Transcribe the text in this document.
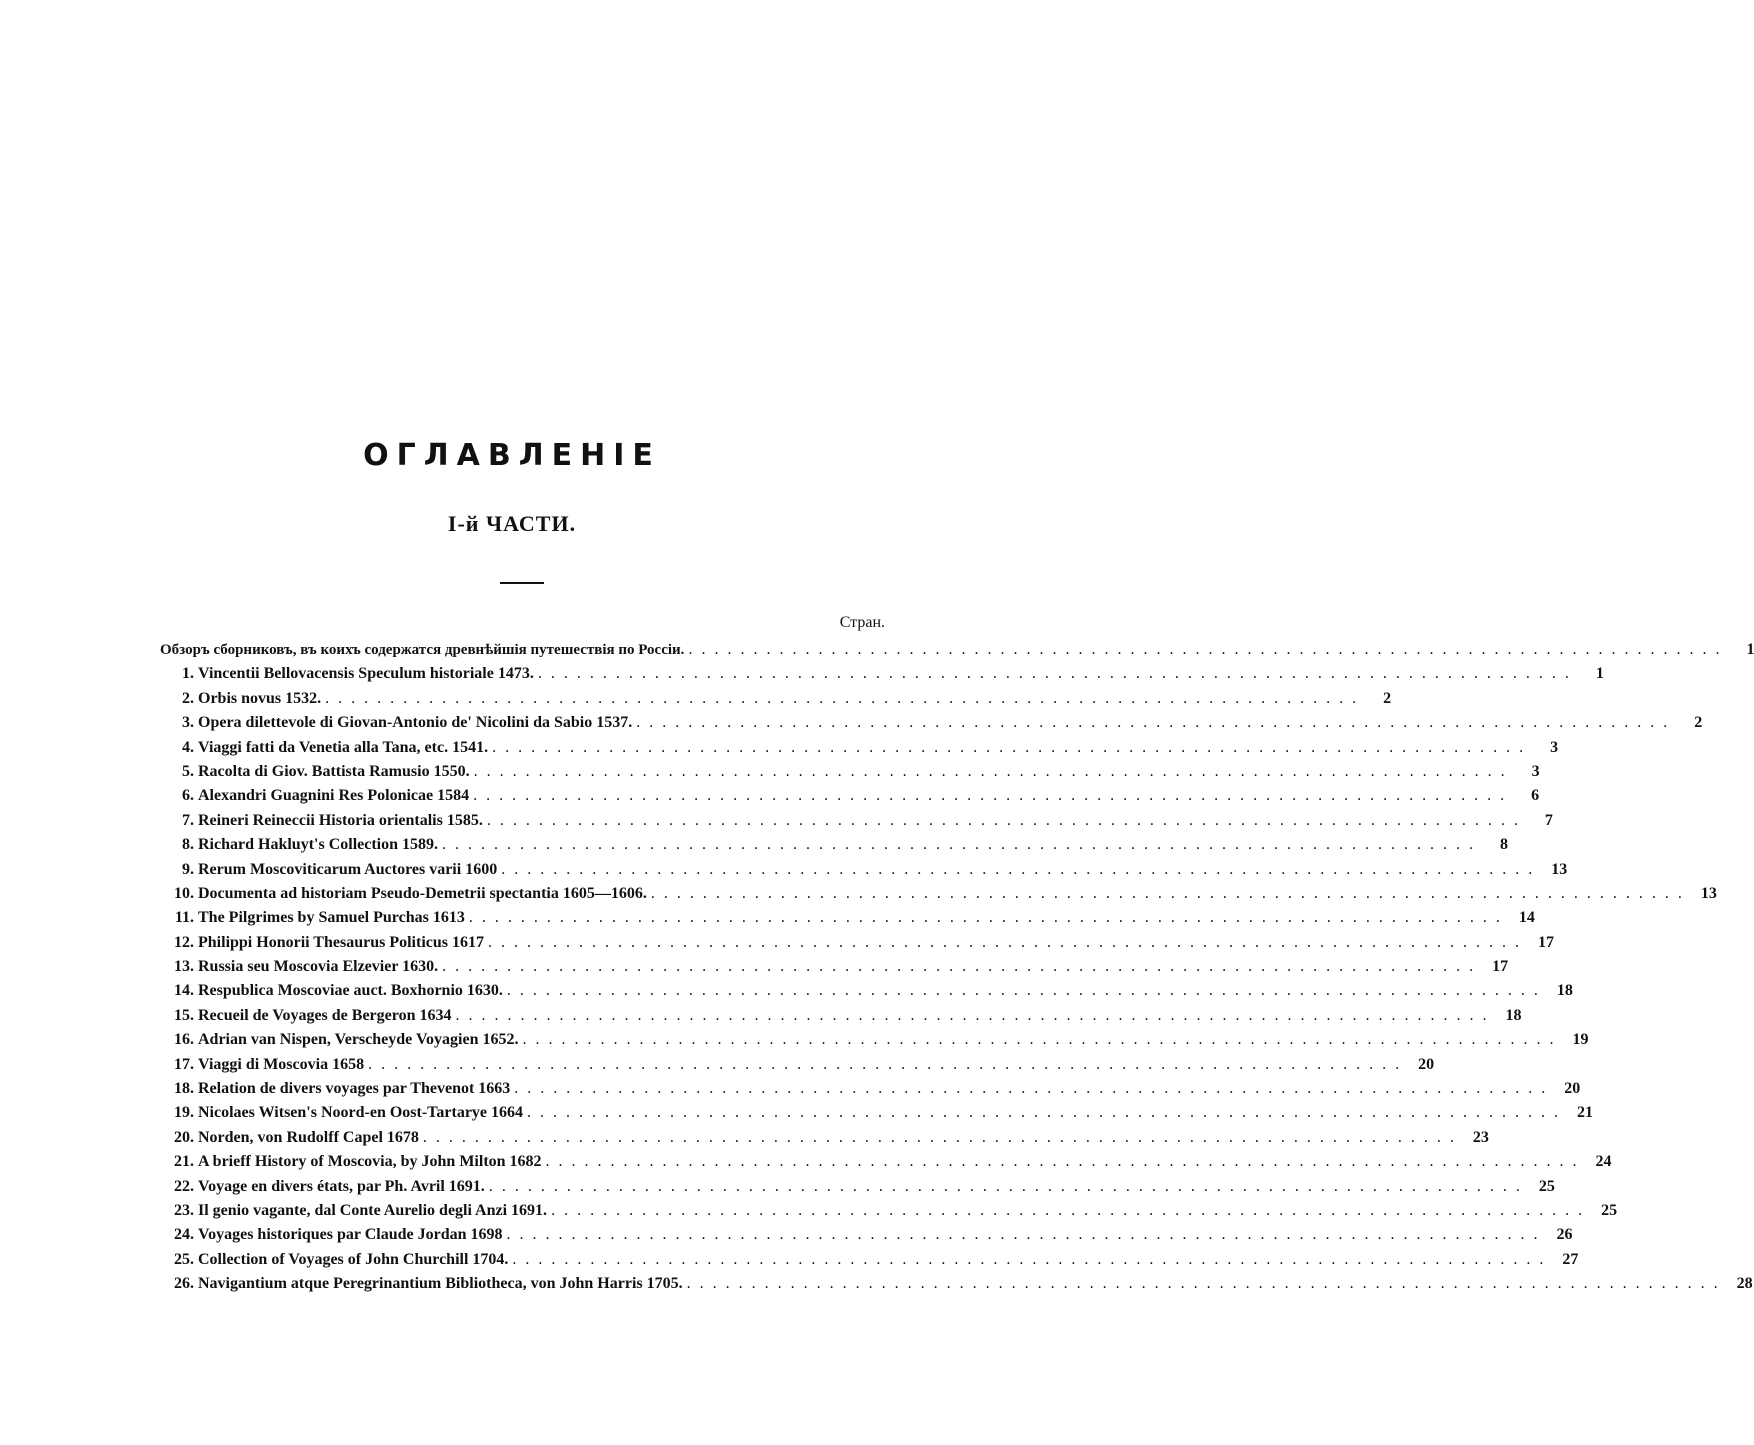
ОГЛАВЛЕНІЕ
І-й ЧАСТИ.
Стран.
Обзоръ сборниковъ, въ коихъ содержатся древнѣйшія путешествія по Россіи. ................................................................................	1
1. Vincentii Bellovacensis Speculum historiale 1473. ................................................................................	1
2. Orbis novus 1532. ................................................................................	2
3. Opera dilettevole di Giovan-Antonio de' Nicolini da Sabio 1537. ................................................................................	2
4. Viaggi fatti da Venetia alla Tana, etc. 1541. ................................................................................	3
5. Racolta di Giov. Battista Ramusio 1550. ................................................................................	3
6. Alexandri Guagnini Res Polonicae 1584 ................................................................................	6
7. Reineri Reineccii Historia orientalis 1585. ................................................................................	7
8. Richard Hakluyt's Collection 1589. ................................................................................	8
9. Rerum Moscoviticarum Auctores varii 1600 ................................................................................ 13
10. Documenta ad historiam Pseudo-Demetrii spectantia 1605—1606. ................................................................................ 13
11. The Pilgrimes by Samuel Purchas 1613 ................................................................................ 14
12. Philippi Honorii Thesaurus Politicus 1617 ................................................................................ 17
13. Russia seu Moscovia Elzevier 1630. ................................................................................ 17
14. Respublica Moscoviae auct. Boxhornio 1630. ................................................................................ 18
15. Recueil de Voyages de Bergeron 1634 ................................................................................ 18
16. Adrian van Nispen, Verscheyde Voyagien 1652. ................................................................................ 19
17. Viaggi di Moscovia 1658 ................................................................................ 20
18. Relation de divers voyages par Thevenot 1663 ................................................................................ 20
19. Nicolaes Witsen's Noord-en Oost-Tartarye 1664 ................................................................................ 21
20. Norden, von Rudolff Capel 1678 ................................................................................ 23
21. A brieff History of Moscovia, by John Milton 1682 ................................................................................ 24
22. Voyage en divers états, par Ph. Avril 1691. ................................................................................ 25
23. Il genio vagante, dal Conte Aurelio degli Anzi 1691. ................................................................................ 25
24. Voyages historiques par Claude Jordan 1698 ................................................................................ 26
25. Collection of Voyages of John Churchill 1704. ................................................................................ 27
26. Navigantium atque Peregrinantium Bibliotheca, von John Harris 1705. ................................................................................ 28
